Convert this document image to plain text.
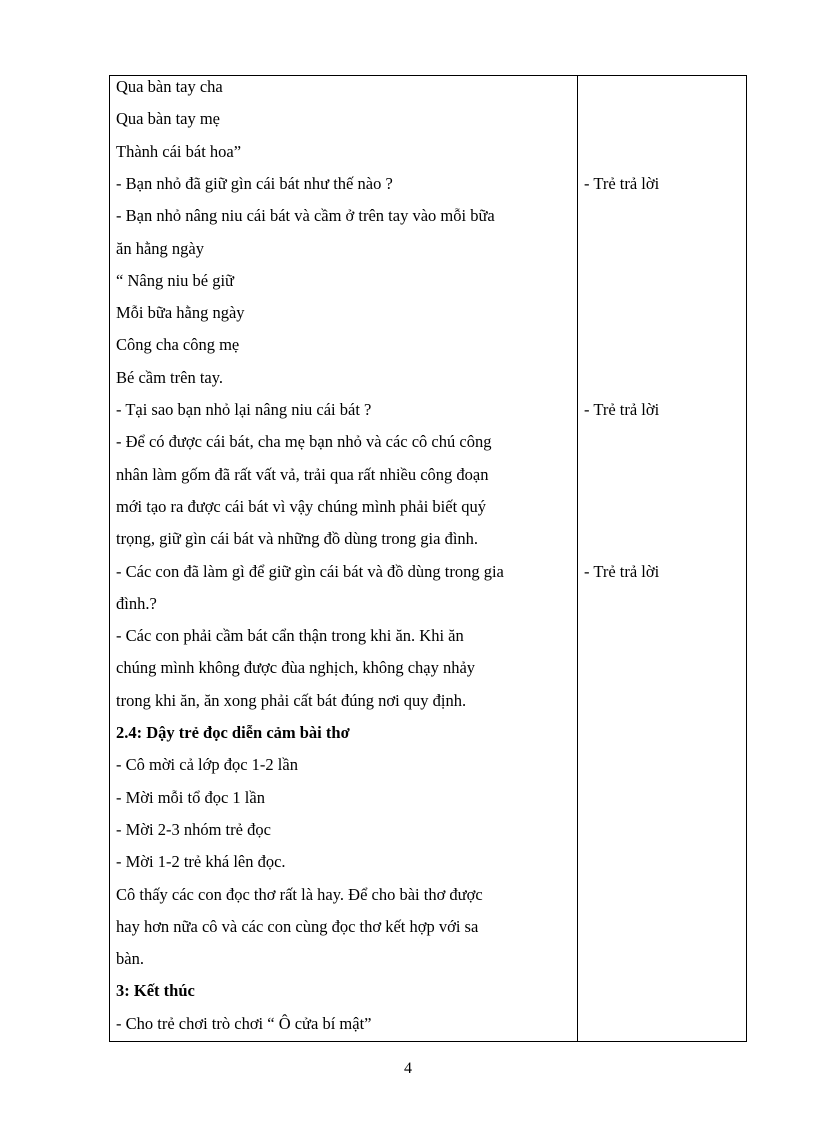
Qua bàn tay cha
Qua bàn tay mẹ
Thành cái bát hoa”
- Bạn nhỏ đã giữ gìn cái bát như thế nào ?
- Bạn nhỏ nâng niu cái bát và cầm ở trên tay vào mỗi bữa
ăn hằng ngày
“ Nâng niu bé giữ
Mỗi bữa hằng ngày
Công cha công mẹ
Bé cầm trên tay.
- Tại sao bạn nhỏ lại nâng niu cái bát ?
- Để có được cái bát, cha mẹ bạn nhỏ và các cô chú công
nhân làm gốm đã rất vất vả, trải qua rất nhiều công đoạn
mới tạo ra được cái bát vì vậy chúng mình phải biết quý
trọng, giữ gìn cái bát và những đồ dùng trong gia đình.
- Các con đã làm gì để giữ gìn cái bát và đồ dùng trong gia
đình.?
- Các con phải cầm bát cẩn thận trong khi ăn. Khi ăn
chúng mình không được đùa nghịch, không chạy nhảy
trong khi ăn, ăn xong phải cất bát đúng nơi quy định.
2.4: Dậy trẻ đọc diễn cảm bài thơ
- Cô mời cả lớp đọc 1-2 lần
- Mời mỗi tổ đọc 1 lần
- Mời 2-3 nhóm trẻ đọc
- Mời 1-2 trẻ khá lên đọc.
Cô thấy các con đọc thơ rất là hay. Để cho bài thơ được
hay hơn nữa cô và các con cùng đọc thơ kết hợp với sa
bàn.
3: Kết thúc
- Cho trẻ chơi trò chơi “ Ô cửa bí mật”
- Trẻ trả lời
- Trẻ trả lời
- Trẻ trả lời
4
